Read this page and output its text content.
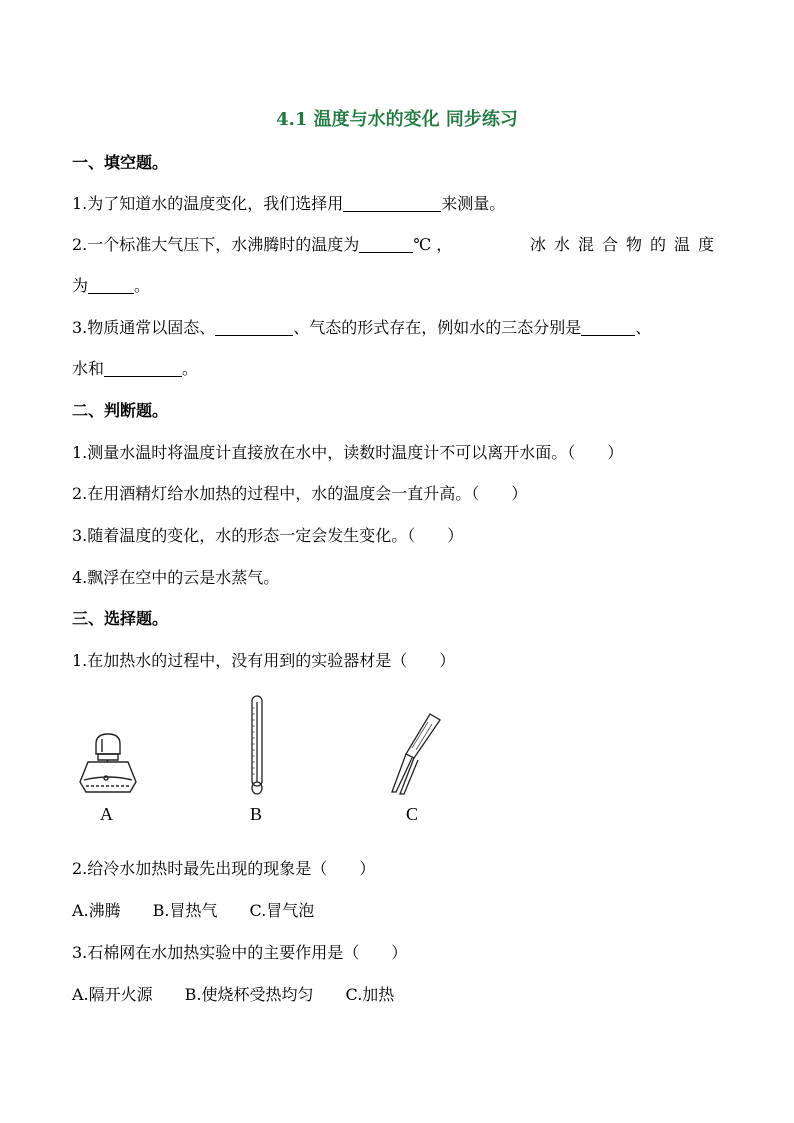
4.1 温度与水的变化 同步练习
一、填空题。
1.为了知道水的温度变化，我们选择用	来测量。
2.一个标准大气压下，水沸腾时的温度为	℃ ，	冰水混合物的温度
为	。
3.物质通常以固态、	、气态的形式存在，例如水的三态分别是	、
水和	。
二、判断题。
1.测量水温时将温度计直接放在水中，读数时温度计不可以离开水面。（　　）
2.在用酒精灯给水加热的过程中，水的温度会一直升高。（　　）
3.随着温度的变化，水的形态一定会发生变化。（　　）
4.飘浮在空中的云是水蒸气。
三、选择题。
1.在加热水的过程中，没有用到的实验器材是（　　）
A	B	C
2.给冷水加热时最先出现的现象是（　　）
A.沸腾 B.冒热气 C.冒气泡
3.石棉网在水加热实验中的主要作用是（　　）
A.隔开火源 B.使烧杯受热均匀 C.加热
